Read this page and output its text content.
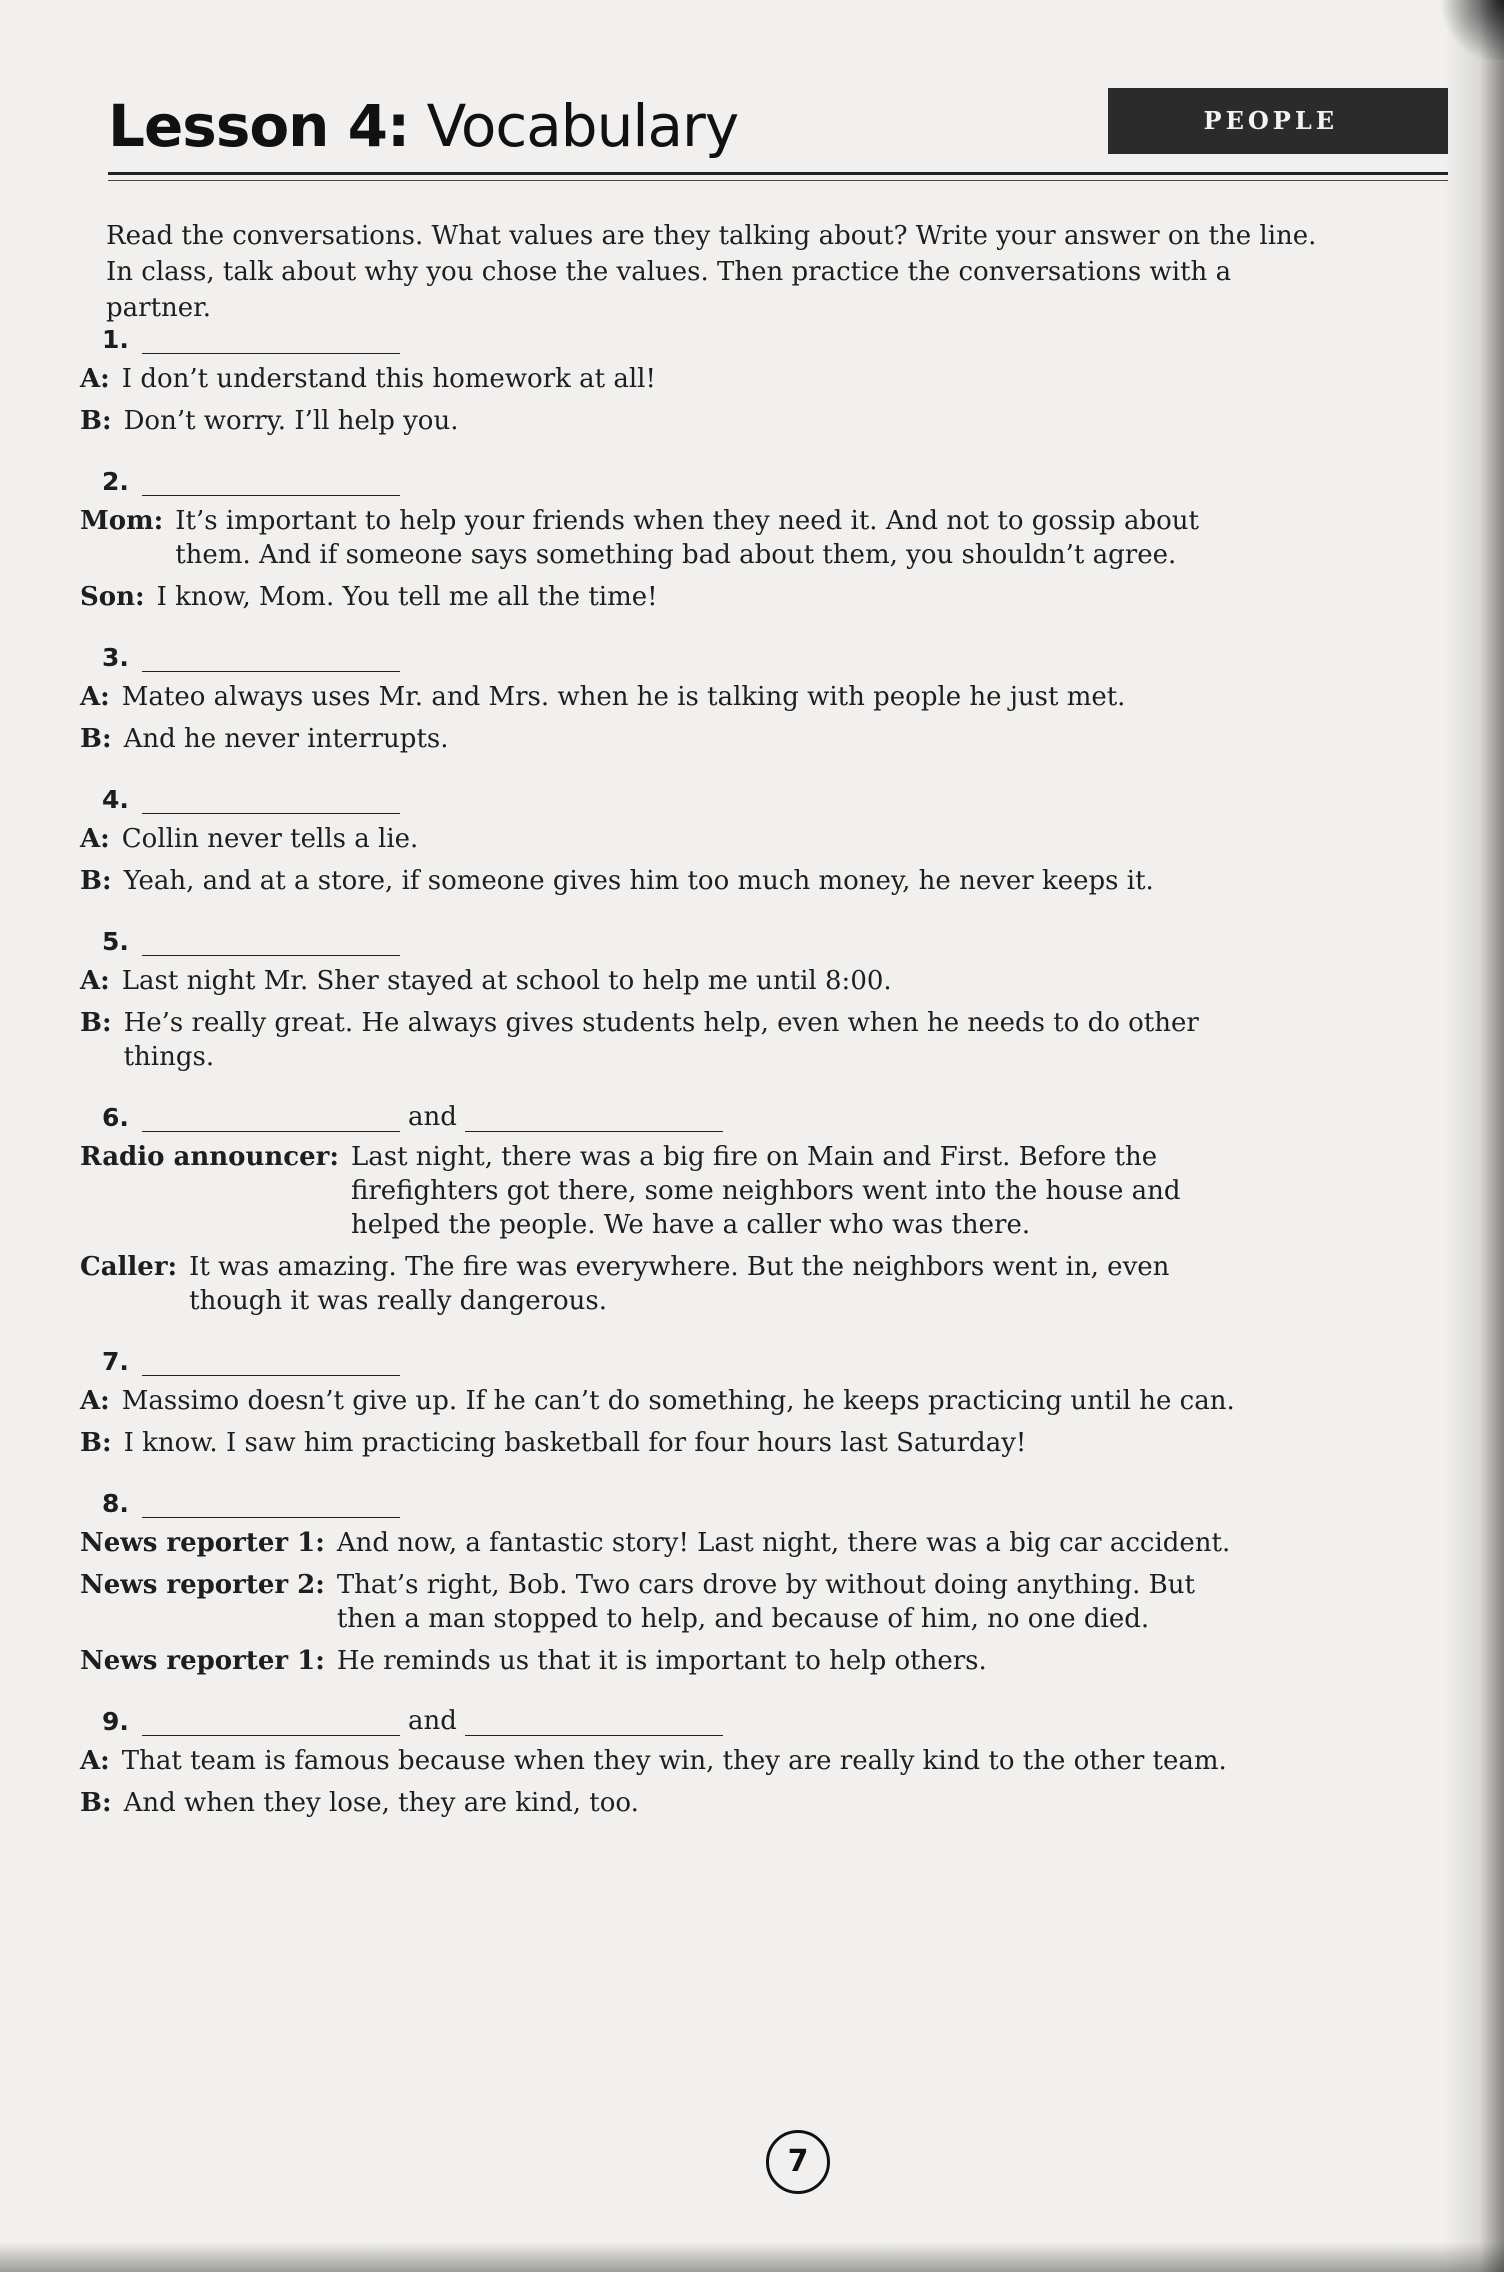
Lesson 4: Vocabulary	PEOPLE
Read the conversations. What values are they talking about? Write your answer on the line. In class, talk about why you chose the values. Then practice the conversations with a partner.
1.
A: I don’t understand this homework at all!
B: Don’t worry. I’ll help you.
2.
Mom: It’s important to help your friends when they need it. And not to gossip about them. And if someone says something bad about them, you shouldn’t agree.
Son: I know, Mom. You tell me all the time!
3.
A: Mateo always uses Mr. and Mrs. when he is talking with people he just met.
B: And he never interrupts.
4.
A: Collin never tells a lie.
B: Yeah, and at a store, if someone gives him too much money, he never keeps it.
5.
A: Last night Mr. Sher stayed at school to help me until 8:00.
B: He’s really great. He always gives students help, even when he needs to do other things.
6.	and
Radio announcer: Last night, there was a big fire on Main and First. Before the firefighters got there, some neighbors went into the house and helped the people. We have a caller who was there.
Caller: It was amazing. The fire was everywhere. But the neighbors went in, even though it was really dangerous.
7.
A: Massimo doesn’t give up. If he can’t do something, he keeps practicing until he can.
B: I know. I saw him practicing basketball for four hours last Saturday!
8.
News reporter 1: And now, a fantastic story! Last night, there was a big car accident.
News reporter 2: That’s right, Bob. Two cars drove by without doing anything. But then a man stopped to help, and because of him, no one died.
News reporter 1: He reminds us that it is important to help others.
9.	and
A: That team is famous because when they win, they are really kind to the other team.
B: And when they lose, they are kind, too.
7
